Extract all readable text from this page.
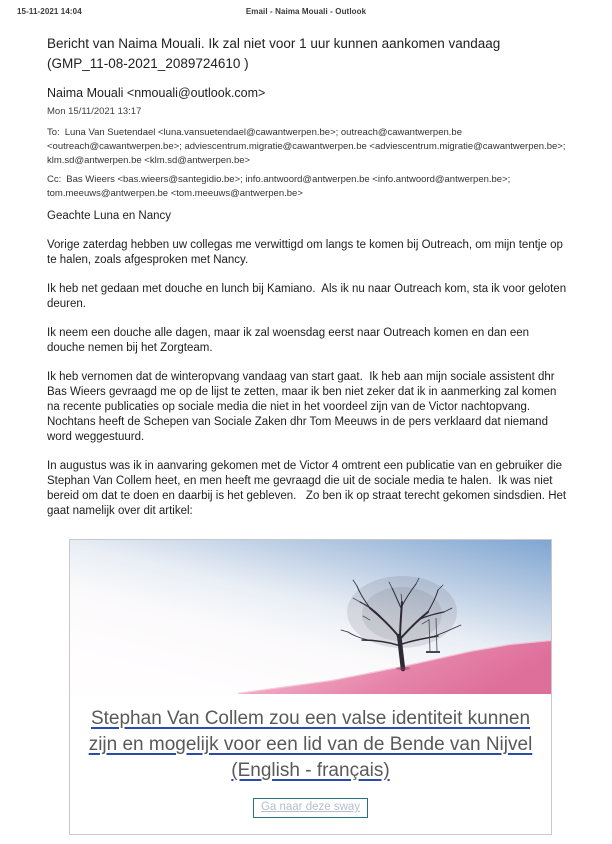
15-11-2021 14:04	Email - Naima Mouali - Outlook
Bericht van Naima Mouali. Ik zal niet voor 1 uur kunnen aankomen vandaag (GMP_11-08-2021_2089724610 )
Naima Mouali <nmouali@outlook.com>
Mon 15/11/2021 13:17
To: Luna Van Suetendael <luna.vansuetendael@cawantwerpen.be>; outreach@cawantwerpen.be <outreach@cawantwerpen.be>; adviescentrum.migratie@cawantwerpen.be <adviescentrum.migratie@cawantwerpen.be>; klm.sd@antwerpen.be <klm.sd@antwerpen.be>
Cc: Bas Wieers <bas.wieers@santegidio.be>; info.antwoord@antwerpen.be <info.antwoord@antwerpen.be>; tom.meeuws@antwerpen.be <tom.meeuws@antwerpen.be>

Geachte Luna en Nancy

Vorige zaterdag hebben uw collegas me verwittigd om langs te komen bij Outreach, om mijn tentje op te halen, zoals afgesproken met Nancy.

Ik heb net gedaan met douche en lunch bij Kamiano.  Als ik nu naar Outreach kom, sta ik voor geloten deuren.

Ik neem een douche alle dagen, maar ik zal woensdag eerst naar Outreach komen en dan een douche nemen bij het Zorgteam.

Ik heb vernomen dat de winteropvang vandaag van start gaat.  Ik heb aan mijn sociale assistent dhr Bas Wieers gevraagd me op de lijst te zetten, maar ik ben niet zeker dat ik in aanmerking zal komen na recente publicaties op sociale media die niet in het voordeel zijn van de Victor nachtopvang. Nochtans heeft de Schepen van Sociale Zaken dhr Tom Meeuws in de pers verklaard dat niemand word weggestuurd.

In augustus was ik in aanvaring gekomen met de Victor 4 omtrent een publicatie van en gebruiker die Stephan Van Collem heet, en men heeft me gevraagd die uit de sociale media te halen.  Ik was niet bereid om dat te doen en daarbij is het gebleven.   Zo ben ik op straat terecht gekomen sindsdien. Het gaat namelijk over dit artikel:

Stephan Van Collem zou een valse identiteit kunnen zijn en mogelijk voor een lid van de Bende van Nijvel (English - français)
Ga naar deze sway
